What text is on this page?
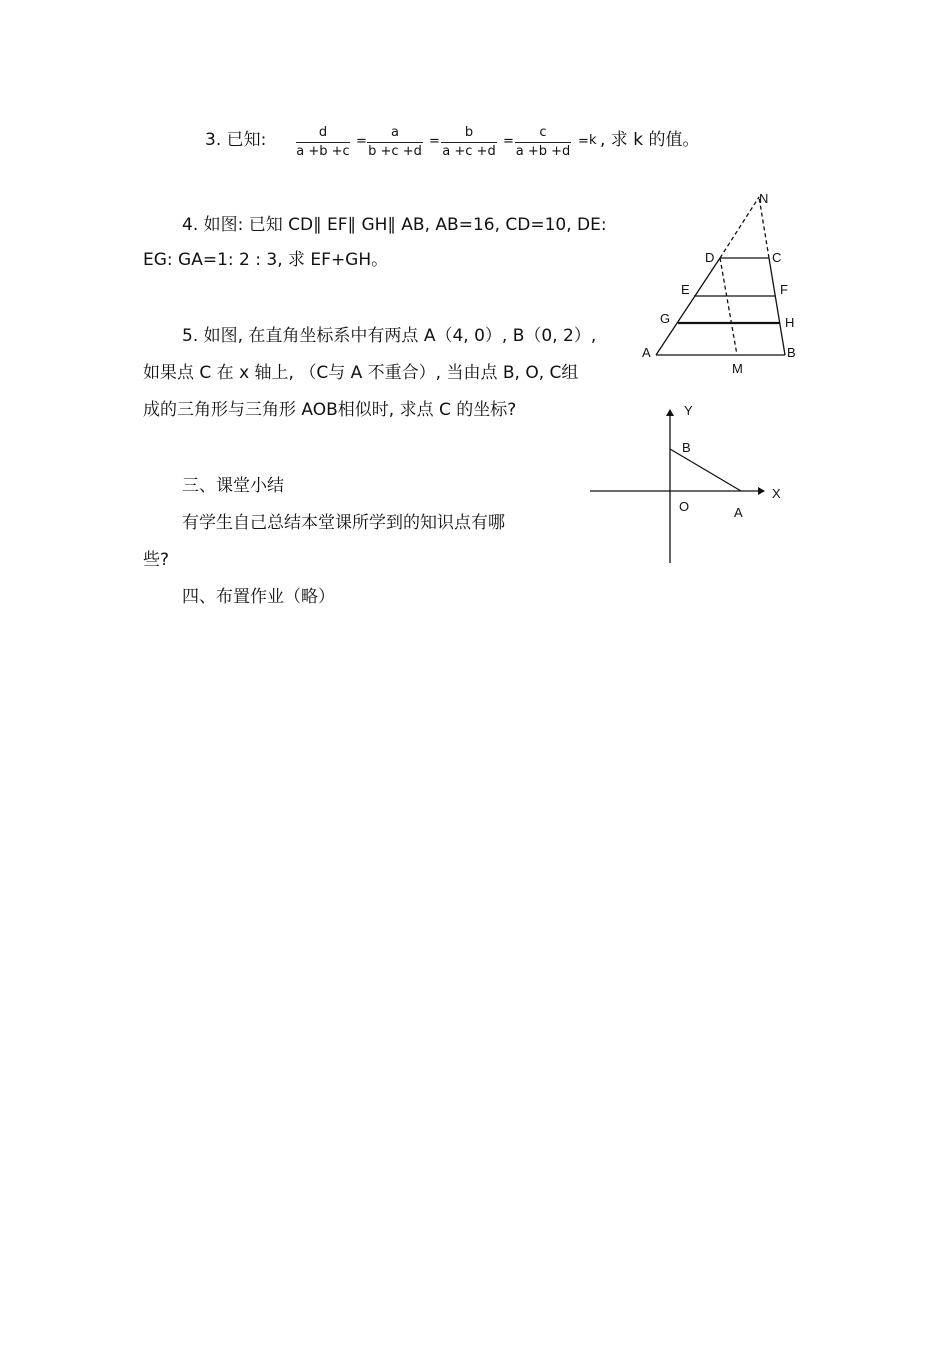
3. 已知:	d
a +b +c
=
a
b +c +d
=
b
a +c +d
=
c
a +b +d
= k , 求 k 的值。
4. 如图: 已知 CD∥ EF∥ GH∥ AB, AB=16, CD=10, DE:
EG: GA=1: 2 : 3, 求 EF+GH。
5. 如图, 在直角坐标系中有两点 A（4, 0）, B（0, 2）,
如果点 C 在 x 轴上, （C与 A 不重合）, 当由点 B, O, C组
成的三角形与三角形 AOB相似时, 求点 C 的坐标?
三、课堂小结
有学生自己总结本堂课所学到的知识点有哪
些?
四、布置作业（略）
N
D	C
E	F
G	H
A	B
M
Y
X
B
O	A
